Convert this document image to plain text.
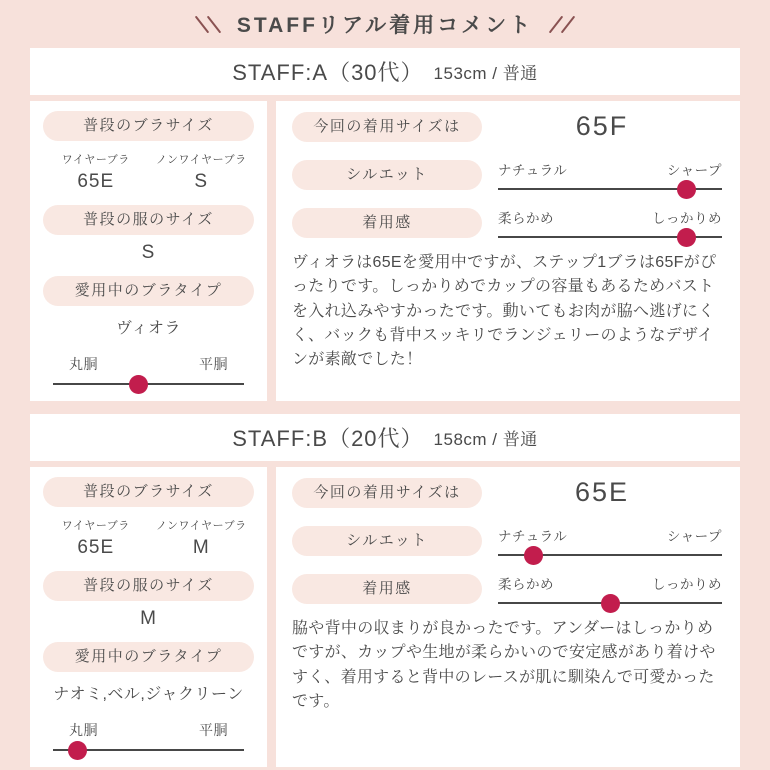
STAFFリアル着用コメント
STAFF:A（30代） 153cm / 普通
普段のブラサイズ
ワイヤーブラ
65E
ノンワイヤーブラ
S
普段の服のサイズ
S
愛用中のブラタイプ
ヴィオラ
丸胴	平胴
今回の着用サイズは	65F
シルエット	ナチュラル	シャープ
着用感	柔らかめ	しっかりめ

ヴィオラは65Eを愛用中ですが、ステップ1ブラは65Fがぴったりです。しっかりめでカップの容量もあるためバストを入れ込みやすかったです。動いてもお肉が脇へ逃げにくく、バックも背中スッキリでランジェリーのようなデザインが素敵でした！

STAFF:B（20代） 158cm / 普通
普段のブラサイズ
ワイヤーブラ
65E
ノンワイヤーブラ
M
普段の服のサイズ
M
愛用中のブラタイプ
ナオミ,ベル,ジャクリーン
丸胴	平胴
今回の着用サイズは	65E
シルエット	ナチュラル	シャープ
着用感	柔らかめ	しっかりめ

脇や背中の収まりが良かったです。アンダーはしっかりめですが、カップや生地が柔らかいので安定感があり着けやすく、着用すると背中のレースが肌に馴染んで可愛かったです。
